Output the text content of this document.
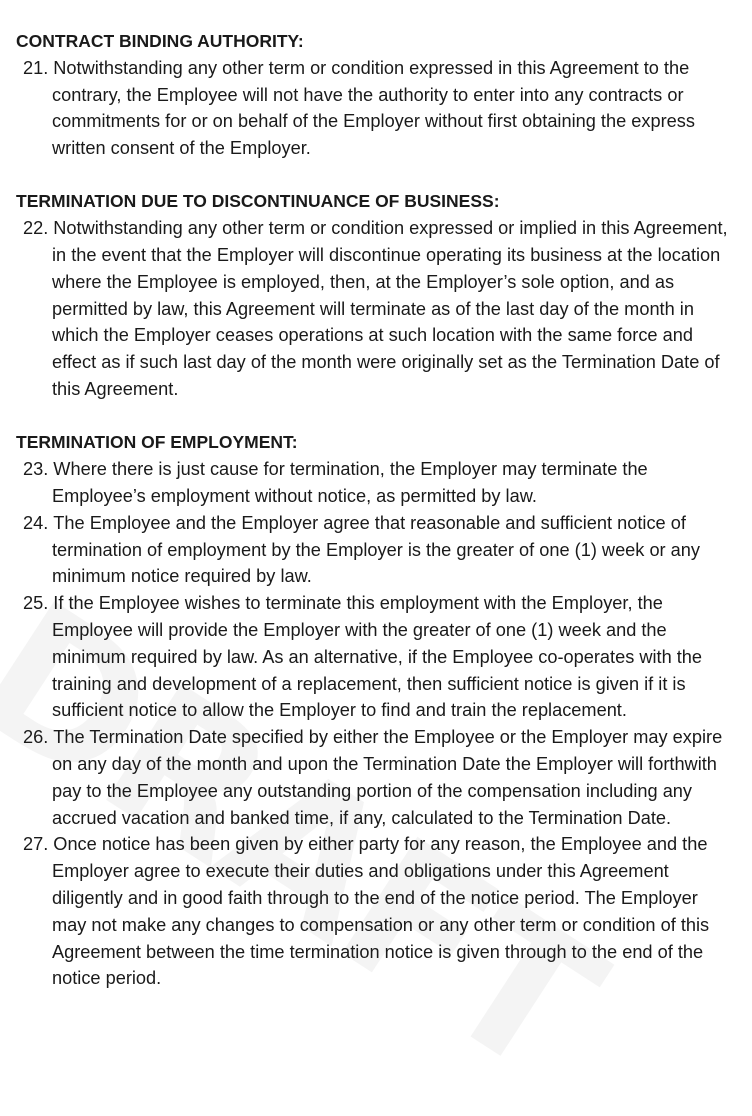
CONTRACT BINDING AUTHORITY:

21. Notwithstanding any other term or condition expressed in this Agreement to the contrary, the Employee will not have the authority to enter into any contracts or commitments for or on behalf of the Employer without first obtaining the express written consent of the Employer.

TERMINATION DUE TO DISCONTINUANCE OF BUSINESS:

22. Notwithstanding any other term or condition expressed or implied in this Agreement, in the event that the Employer will discontinue operating its business at the location where the Employee is employed, then, at the Employer’s sole option, and as permitted by law, this Agreement will terminate as of the last day of the month in which the Employer ceases operations at such location with the same force and effect as if such last day of the month were originally set as the Termination Date of this Agreement.

TERMINATION OF EMPLOYMENT:

23. Where there is just cause for termination, the Employer may terminate the Employee’s employment without notice, as permitted by law.

24. The Employee and the Employer agree that reasonable and sufficient notice of termination of employment by the Employer is the greater of one (1) week or any minimum notice required by law.

25. If the Employee wishes to terminate this employment with the Employer, the Employee will provide the Employer with the greater of one (1) week and the minimum required by law. As an alternative, if the Employee co-operates with the training and development of a replacement, then sufficient notice is given if it is sufficient notice to allow the Employer to find and train the replacement.

26. The Termination Date specified by either the Employee or the Employer may expire on any day of the month and upon the Termination Date the Employer will forthwith pay to the Employee any outstanding portion of the compensation including any accrued vacation and banked time, if any, calculated to the Termination Date.

27. Once notice has been given by either party for any reason, the Employee and the Employer agree to execute their duties and obligations under this Agreement diligently and in good faith through to the end of the notice period. The Employer may not make any changes to compensation or any other term or condition of this Agreement between the time termination notice is given through to the end of the notice period.
